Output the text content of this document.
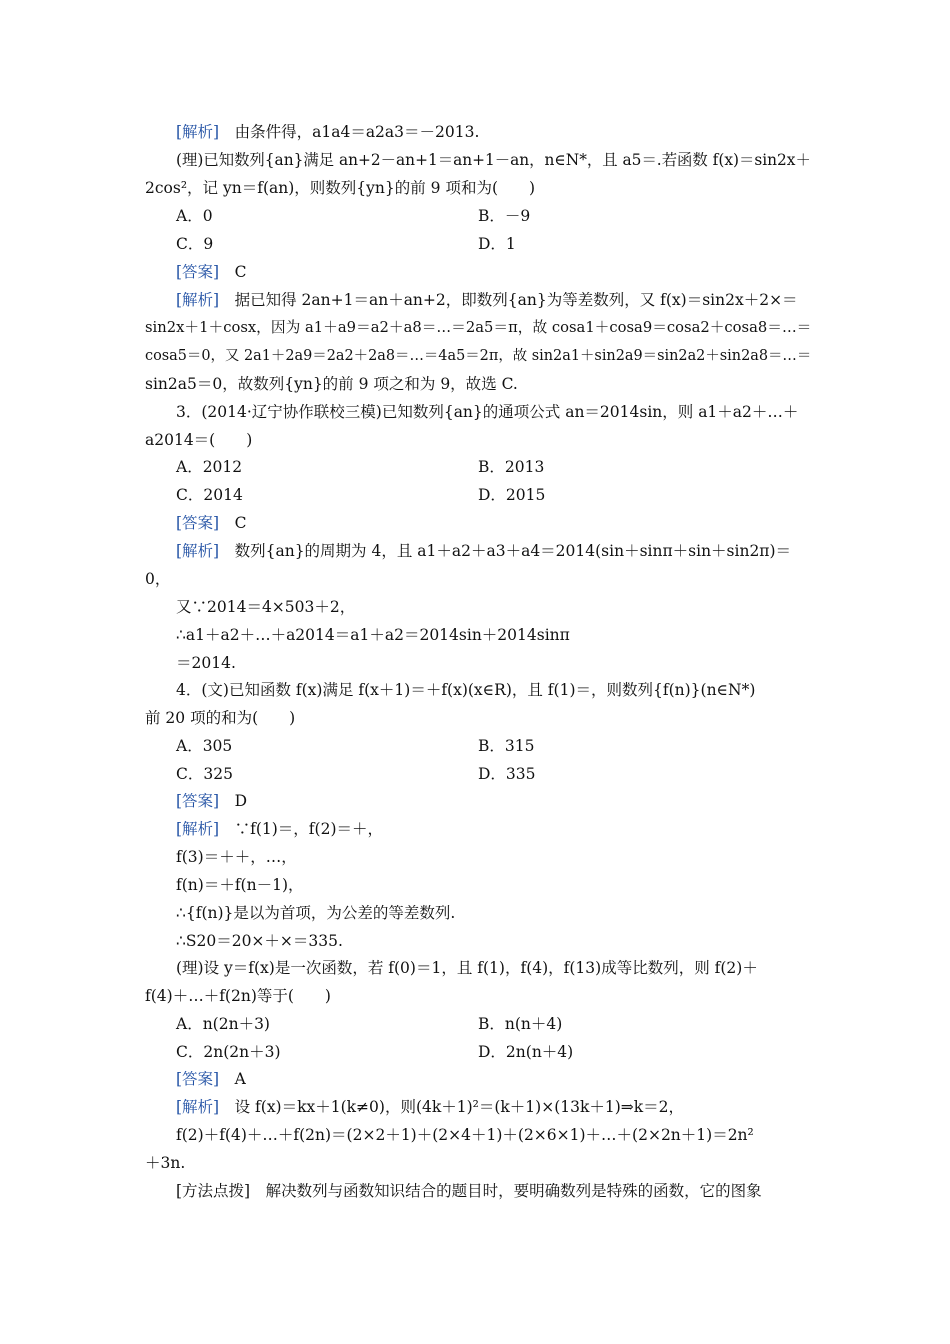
[解析]　由条件得，a1a4＝a2a3＝－2013.
(理)已知数列{an}满足 an+2－an+1＝an+1－an，n∈N*，且 a5＝.若函数 f(x)＝sin2x＋
2cos²，记 yn＝f(an)，则数列{yn}的前 9 项和为(　　)
A．0	B．－9
C．9	D．1
[答案]　C
[解析]　据已知得 2an+1＝an＋an+2，即数列{an}为等差数列，又 f(x)＝sin2x＋2×＝
sin2x＋1＋cosx，因为 a1＋a9＝a2＋a8＝…＝2a5＝π，故 cosa1＋cosa9＝cosa2＋cosa8＝…＝
cosa5＝0，又 2a1＋2a9＝2a2＋2a8＝…＝4a5＝2π，故 sin2a1＋sin2a9＝sin2a2＋sin2a8＝…＝
sin2a5＝0，故数列{yn}的前 9 项之和为 9，故选 C.
3．(2014·辽宁协作联校三模)已知数列{an}的通项公式 an＝2014sin，则 a1＋a2＋…＋
a2014＝(　　)
A．2012	B．2013
C．2014	D．2015
[答案]　C
[解析]　数列{an}的周期为 4，且 a1＋a2＋a3＋a4＝2014(sin＋sinπ＋sin＋sin2π)＝
0，
又∵2014＝4×503＋2，
∴a1＋a2＋…＋a2014＝a1＋a2＝2014sin＋2014sinπ
＝2014.
4．(文)已知函数 f(x)满足 f(x＋1)＝＋f(x)(x∈R)，且 f(1)＝，则数列{f(n)}(n∈N*)
前 20 项的和为(　　)
A．305	B．315
C．325	D．335
[答案]　D
[解析]　∵f(1)＝，f(2)＝＋，
f(3)＝＋＋，…，
f(n)＝＋f(n－1)，
∴{f(n)}是以为首项，为公差的等差数列.
∴S20＝20×＋×＝335.
(理)设 y＝f(x)是一次函数，若 f(0)＝1，且 f(1)，f(4)，f(13)成等比数列，则 f(2)＋
f(4)＋…＋f(2n)等于(　　)
A．n(2n＋3)	B．n(n＋4)
C．2n(2n＋3)	D．2n(n＋4)
[答案]　A
[解析]　设 f(x)＝kx＋1(k≠0)，则(4k＋1)²＝(k＋1)×(13k＋1)⇒k＝2，
f(2)＋f(4)＋…＋f(2n)＝(2×2＋1)＋(2×4＋1)＋(2×6×1)＋…＋(2×2n＋1)＝2n²
＋3n.
[方法点拨]　解决数列与函数知识结合的题目时，要明确数列是特殊的函数，它的图象
